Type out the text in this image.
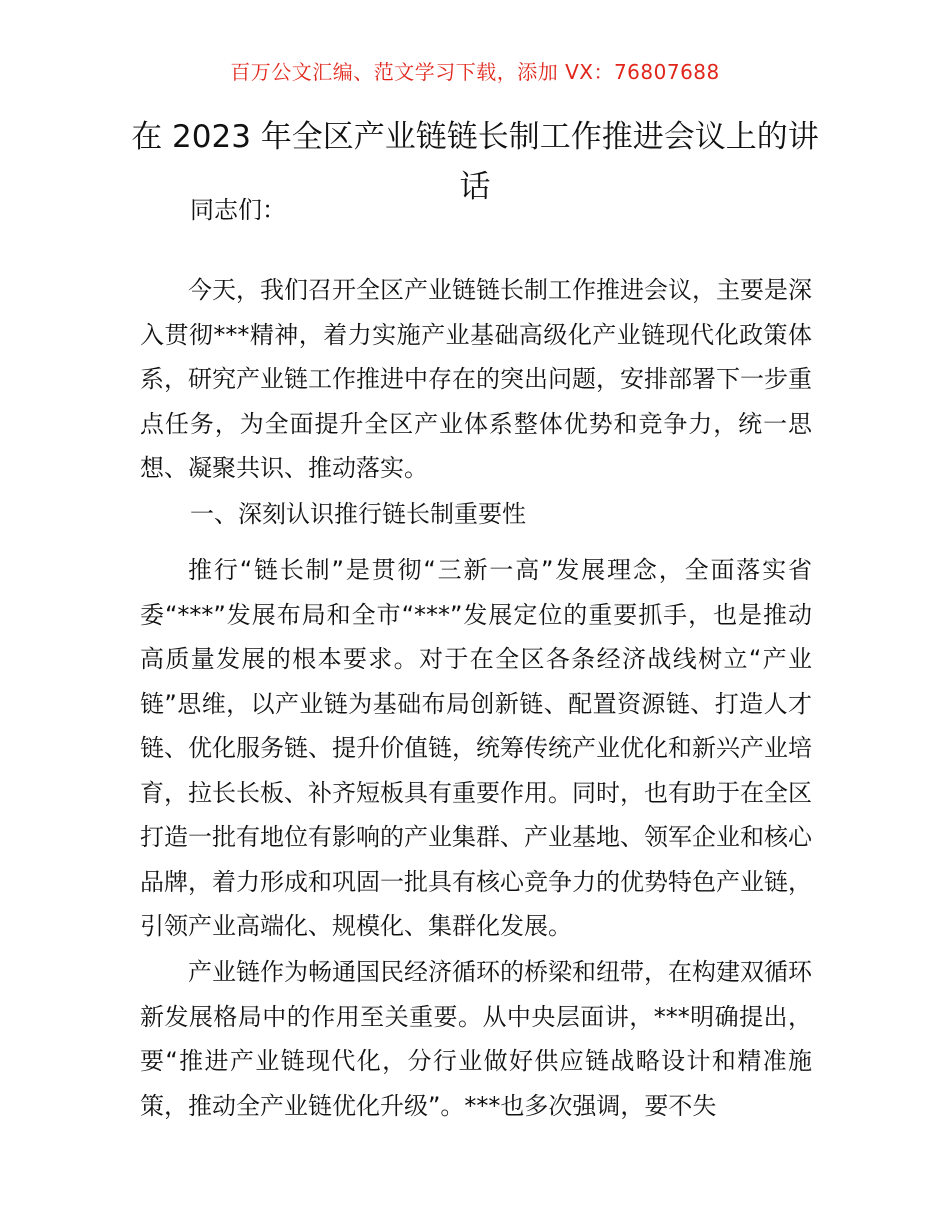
百万公文汇编、范文学习下载，添加 VX：76807688
在 2023 年全区产业链链长制工作推进会议上的讲话
同志们：

今天，我们召开全区产业链链长制工作推进会议，主要是深入贯彻***精神，着力实施产业基础高级化产业链现代化政策体系，研究产业链工作推进中存在的突出问题，安排部署下一步重点任务，为全面提升全区产业体系整体优势和竞争力，统一思想、凝聚共识、推动落实。

一、深刻认识推行链长制重要性

推行“链长制”是贯彻“三新一高”发展理念，全面落实省委“***”发展布局和全市“***”发展定位的重要抓手，也是推动高质量发展的根本要求。对于在全区各条经济战线树立“产业链”思维，以产业链为基础布局创新链、配置资源链、打造人才链、优化服务链、提升价值链，统筹传统产业优化和新兴产业培育，拉长长板、补齐短板具有重要作用。同时，也有助于在全区打造一批有地位有影响的产业集群、产业基地、领军企业和核心品牌，着力形成和巩固一批具有核心竞争力的优势特色产业链，引领产业高端化、规模化、集群化发展。

产业链作为畅通国民经济循环的桥梁和纽带，在构建双循环新发展格局中的作用至关重要。从中央层面讲，***明确提出，要“推进产业链现代化，分行业做好供应链战略设计和精准施策，推动全产业链优化升级”。***也多次强调，要不失
